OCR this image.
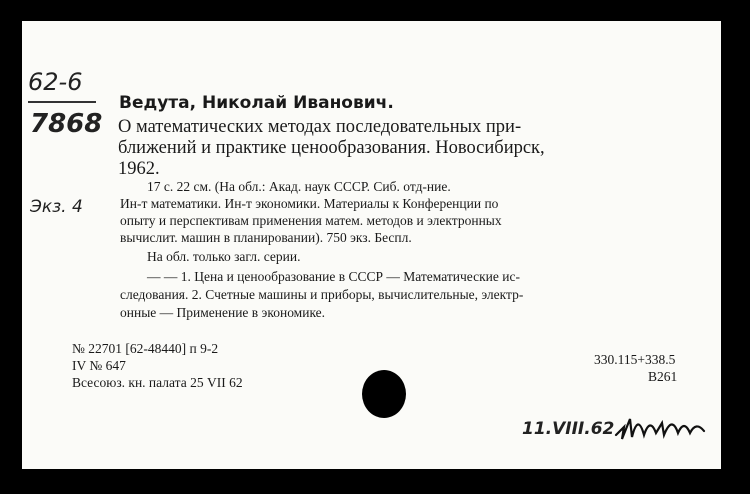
62-6
7868
Экз. 4
Ведута, Николай Иванович.
О математических методах последовательных при-
ближений и практике ценообразования. Новосибирск,
1962.
17 с. 22 см. (На обл.: Акад. наук СССР. Сиб. отд-ние.
Ин-т математики. Ин-т экономики. Материалы к Конференции по
опыту и перспективам применения матем. методов и электронных
вычислит. машин в планировании). 750 экз. Беспл.
На обл. только загл. серии.
— — 1. Цена и ценообразование в СССР — Математические ис-
следования. 2. Счетные машины и приборы, вычислительные, электр-
онные — Применение в экономике.
№ 22701 [62-48440] п 9-2
IV № 647
Всесоюз. кн. палата 25 VII 62
330.115+338.5
B261
11.VIII.62
